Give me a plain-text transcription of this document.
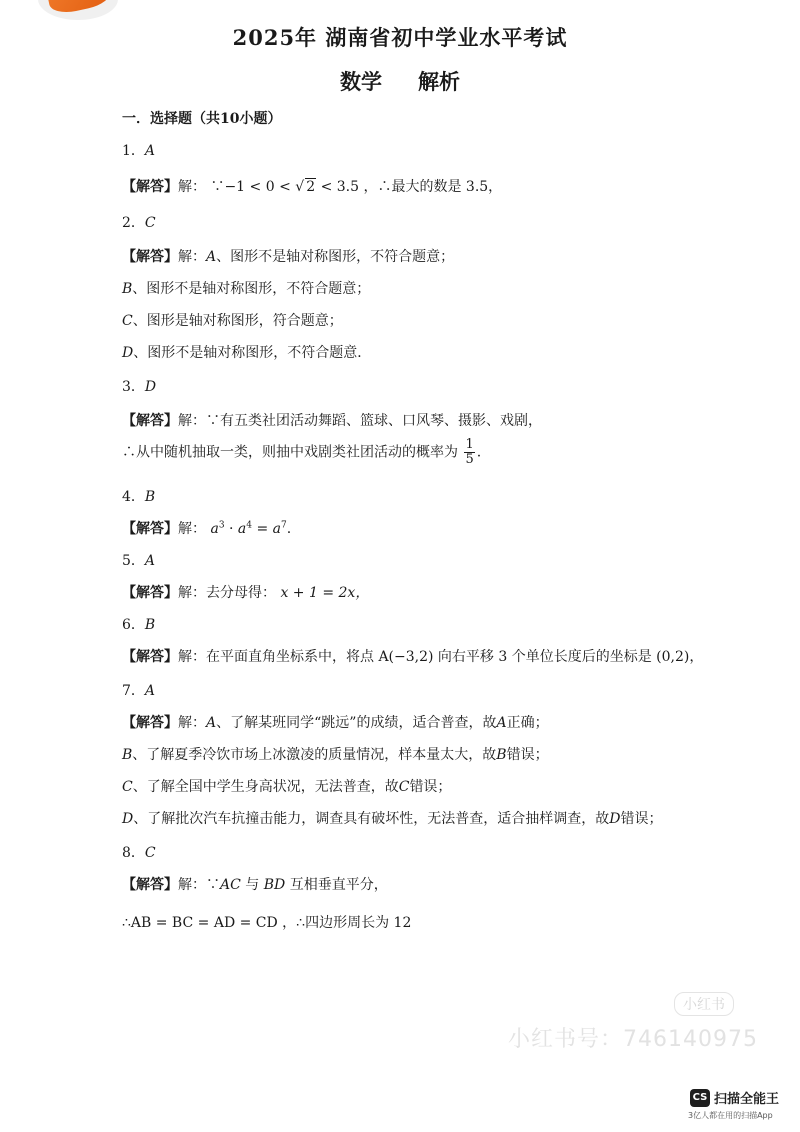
2025年 湖南省初中学业水平考试
数学 解析
一．选择题（共10小题）
1．A
【解答】解： ∵−1 < 0 < √ 2 < 3.5 ，∴最大的数是 3.5，
2．C
【解答】解：A、图形不是轴对称图形，不符合题意；
B、图形不是轴对称图形，不符合题意；
C、图形是轴对称图形，符合题意；
D、图形不是轴对称图形，不符合题意．
3．D
【解答】解：∵有五类社团活动舞蹈、篮球、口风琴、摄影、戏剧，
∴从中随机抽取一类，则抽中戏剧类社团活动的概率为 $\frac{1}{5}$ .
4．B
【解答】解： $a^3 \cdot a^4 = a^7$.
5．A
【解答】解：去分母得： x + 1 = 2x，
6．B
【解答】解：在平面直角坐标系中，将点 A(−3,2) 向右平移 3 个单位长度后的坐标是 (0,2)，
7．A
【解答】解：A、了解某班同学“跳远”的成绩，适合普查，故A正确；
B、了解夏季冷饮市场上冰激凌的质量情况，样本量太大，故B错误；
C、了解全国中学生身高状况，无法普查，故C错误；
D、了解批次汽车抗撞击能力，调查具有破坏性，无法普查，适合抽样调查，故D错误；
8．C
【解答】解：∵AC 与 BD 互相垂直平分，
∴AB = BC = AD = CD ，∴四边形周长为 12
小红书
小红书号：746140975
CS 扫描全能王
3亿人都在用的扫描App
